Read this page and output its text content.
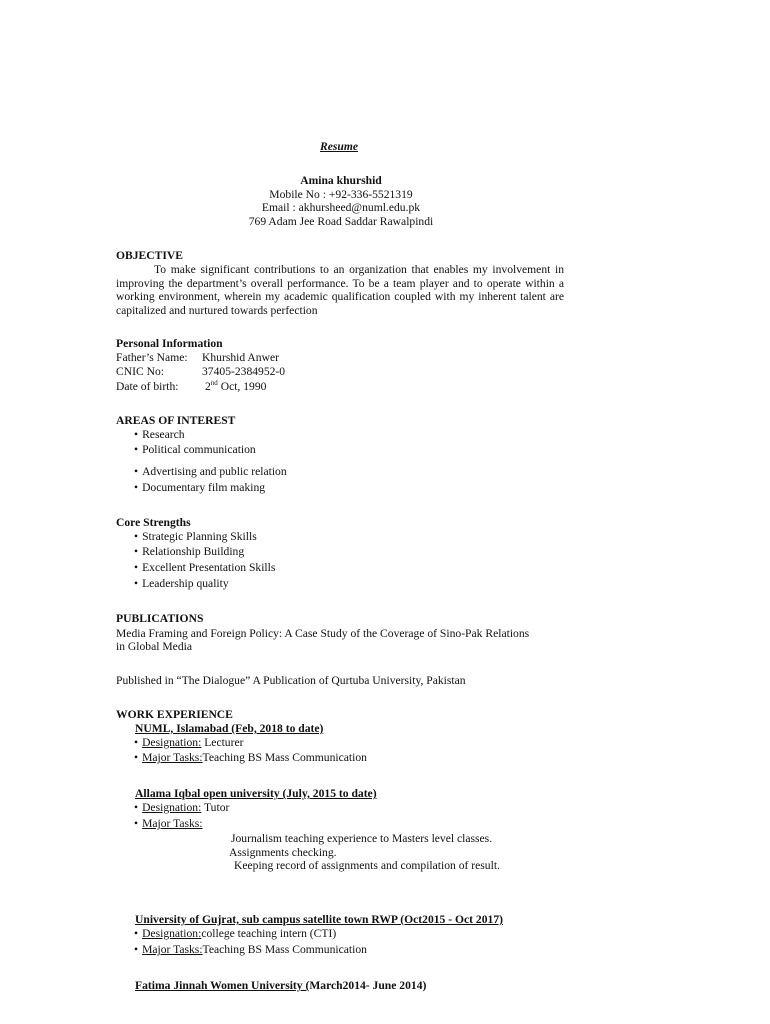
Resume
Amina khurshid
Mobile No : +92-336-5521319
Email : akhursheed@numl.edu.pk
769 Adam Jee Road Saddar Rawalpindi
OBJECTIVE
To make significant contributions to an organization that enables my involvement in improving the department’s overall performance. To be a team player and to operate within a working environment, wherein my academic qualification coupled with my inherent talent are capitalized and nurtured towards perfection
Personal Information
Father’s Name: Khurshid Anwer
CNIC No:	37405-2384952-0
Date of birth: 2nd Oct, 1990
AREAS OF INTEREST
• Research
• Political communication
• Advertising and public relation
• Documentary film making
Core Strengths
• Strategic Planning Skills
• Relationship Building
• Excellent Presentation Skills
• Leadership quality
PUBLICATIONS
Media Framing and Foreign Policy: A Case Study of the Coverage of Sino-Pak Relations
in Global Media
Published in “The Dialogue” A Publication of Qurtuba University, Pakistan
WORK EXPERIENCE
NUML, Islamabad (Feb, 2018 to date)
• Designation: Lecturer
• Major Tasks:Teaching BS Mass Communication
Allama Iqbal open university (July, 2015 to date)
• Designation: Tutor
• Major Tasks:
Journalism teaching experience to Masters level classes.
Assignments checking.
Keeping record of assignments and compilation of result.
University of Gujrat, sub campus satellite town RWP (Oct2015 - Oct 2017)
• Designation:college teaching intern (CTI)
• Major Tasks:Teaching BS Mass Communication
Fatima Jinnah Women University (March2014- June 2014)
